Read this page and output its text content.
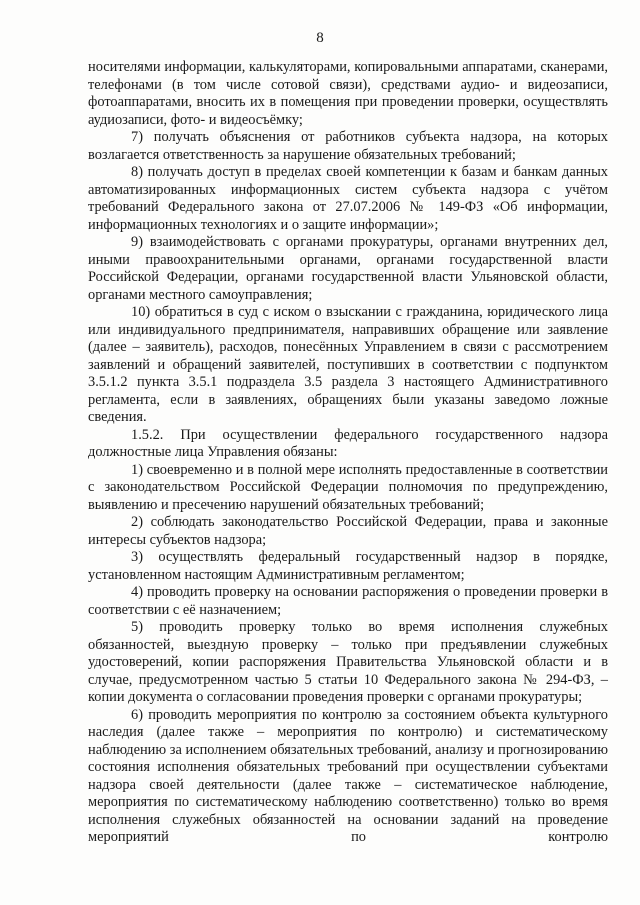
8

носителями информации, калькуляторами, копировальными аппаратами, сканерами, телефонами (в том числе сотовой связи), средствами аудио- и видеозаписи, фотоаппаратами, вносить их в помещения при проведении проверки, осуществлять аудиозаписи, фото- и видеосъёмку;

7) получать объяснения от работников субъекта надзора, на которых возлагается ответственность за нарушение обязательных требований;

8) получать доступ в пределах своей компетенции к базам и банкам данных автоматизированных информационных систем субъекта надзора с учётом требований Федерального закона от 27.07.2006 № 149-ФЗ «Об информации, информационных технологиях и о защите информации»;

9) взаимодействовать с органами прокуратуры, органами внутренних дел, иными правоохранительными органами, органами государственной власти Российской Федерации, органами государственной власти Ульяновской области, органами местного самоуправления;

10) обратиться в суд с иском о взыскании с гражданина, юридического лица или индивидуального предпринимателя, направивших обращение или заявление (далее – заявитель), расходов, понесённых Управлением в связи с рассмотрением заявлений и обращений заявителей, поступивших в соответствии с подпунктом 3.5.1.2 пункта 3.5.1 подраздела 3.5 раздела 3 настоящего Административного регламента, если в заявлениях, обращениях были указаны заведомо ложные сведения.

1.5.2. При осуществлении федерального государственного надзора должностные лица Управления обязаны:

1) своевременно и в полной мере исполнять предоставленные в соответствии с законодательством Российской Федерации полномочия по предупреждению, выявлению и пресечению нарушений обязательных требований;

2) соблюдать законодательство Российской Федерации, права и законные интересы субъектов надзора;

3) осуществлять федеральный государственный надзор в порядке, установленном настоящим Административным регламентом;

4) проводить проверку на основании распоряжения о проведении проверки в соответствии с её назначением;

5) проводить проверку только во время исполнения служебных обязанностей, выездную проверку – только при предъявлении служебных удостоверений, копии распоряжения Правительства Ульяновской области и в случае, предусмотренном частью 5 статьи 10 Федерального закона № 294-ФЗ, – копии документа о согласовании проведения проверки с органами прокуратуры;

6) проводить мероприятия по контролю за состоянием объекта культурного наследия (далее также – мероприятия по контролю) и систематическому наблюдению за исполнением обязательных требований, анализу и прогнозированию состояния исполнения обязательных требований при осуществлении субъектами надзора своей деятельности (далее также – систематическое наблюдение, мероприятия по систематическому наблюдению соответственно) только во время исполнения служебных обязанностей на основании заданий на проведение мероприятий по контролю
